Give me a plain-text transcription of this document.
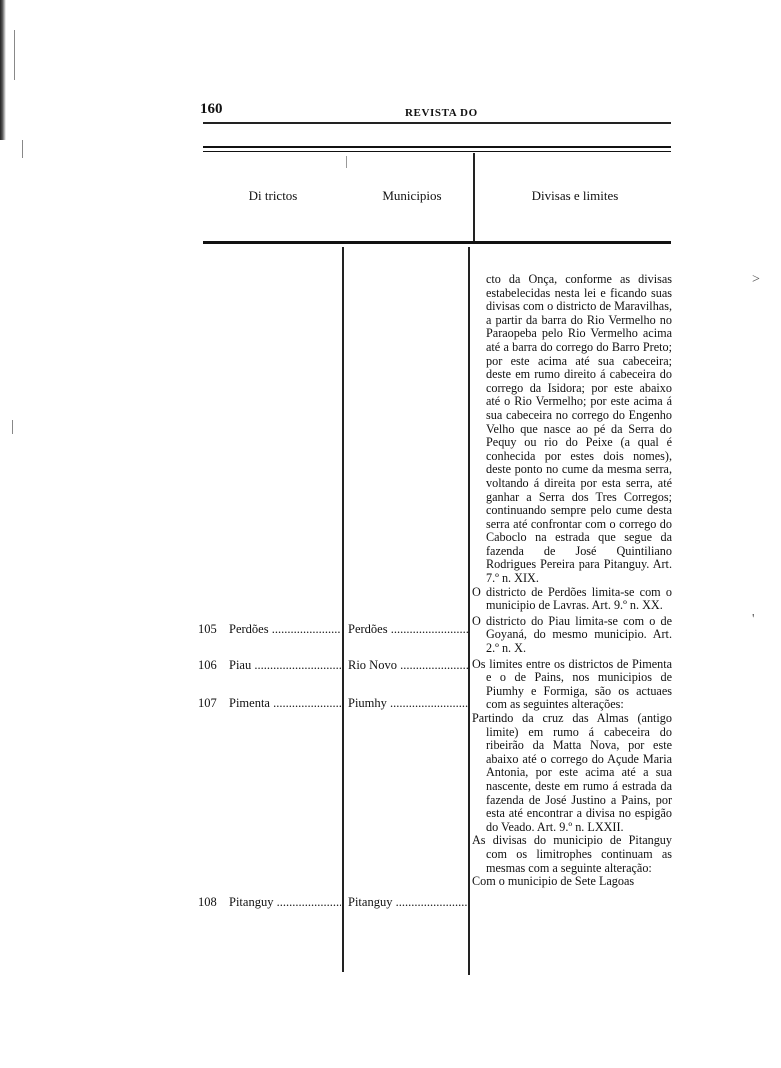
160	REVISTA DO
Di trictos	Municipios	Divisas e limites
105 Perdões .....	Perdões .....
106 Piau .....	Rio Novo .....
107 Pimenta .....	Piumhy .....
108 Pitanguy .....	Pitanguy .....

cto da Onça, conforme as divisas estabelecidas nesta lei e ficando suas divisas com o districto de Maravilhas, a partir da barra do Rio Vermelho no Paraopeba pelo Rio Vermelho acima até a barra do corrego do Barro Preto; por este acima até sua cabeceira; deste em rumo direito á cabeceira do corrego da Isidora; por este abaixo até o Rio Vermelho; por este acima á sua cabeceira no corrego do Engenho Velho que nasce ao pé da Serra do Pequy ou rio do Peixe (a qual é conhecida por estes dois nomes), deste ponto no cume da mesma serra, voltando á direita por esta serra, até ganhar a Serra dos Tres Corregos; continuando sempre pelo cume desta serra até confrontar com o corrego do Caboclo na estrada que segue da fazenda de José Quintiliano Rodrigues Pereira para Pitanguy. Art. 7.º n. XIX.

O districto de Perdões limita-se com o municipio de Lavras. Art. 9.º n. XX.

O districto do Piau limita-se com o de Goyaná, do mesmo municipio. Art. 2.º n. X.

Os limites entre os districtos de Pimenta e o de Pains, nos municipios de Piumhy e Formiga, são os actuaes com as seguintes alterações:

Partindo da cruz das Almas (antigo limite) em rumo á cabeceira do ribeirão da Matta Nova, por este abaixo até o corrego do Açude Maria Antonia, por este acima até a sua nascente, deste em rumo á estrada da fazenda de José Justino a Pains, por esta até encontrar a divisa no espigão do Veado. Art. 9.º n. LXXII.

As divisas do municipio de Pitanguy com os limitrophes continuam as mesmas com a seguinte alteração:

Com o municipio de Sete Lagoas

>
'
